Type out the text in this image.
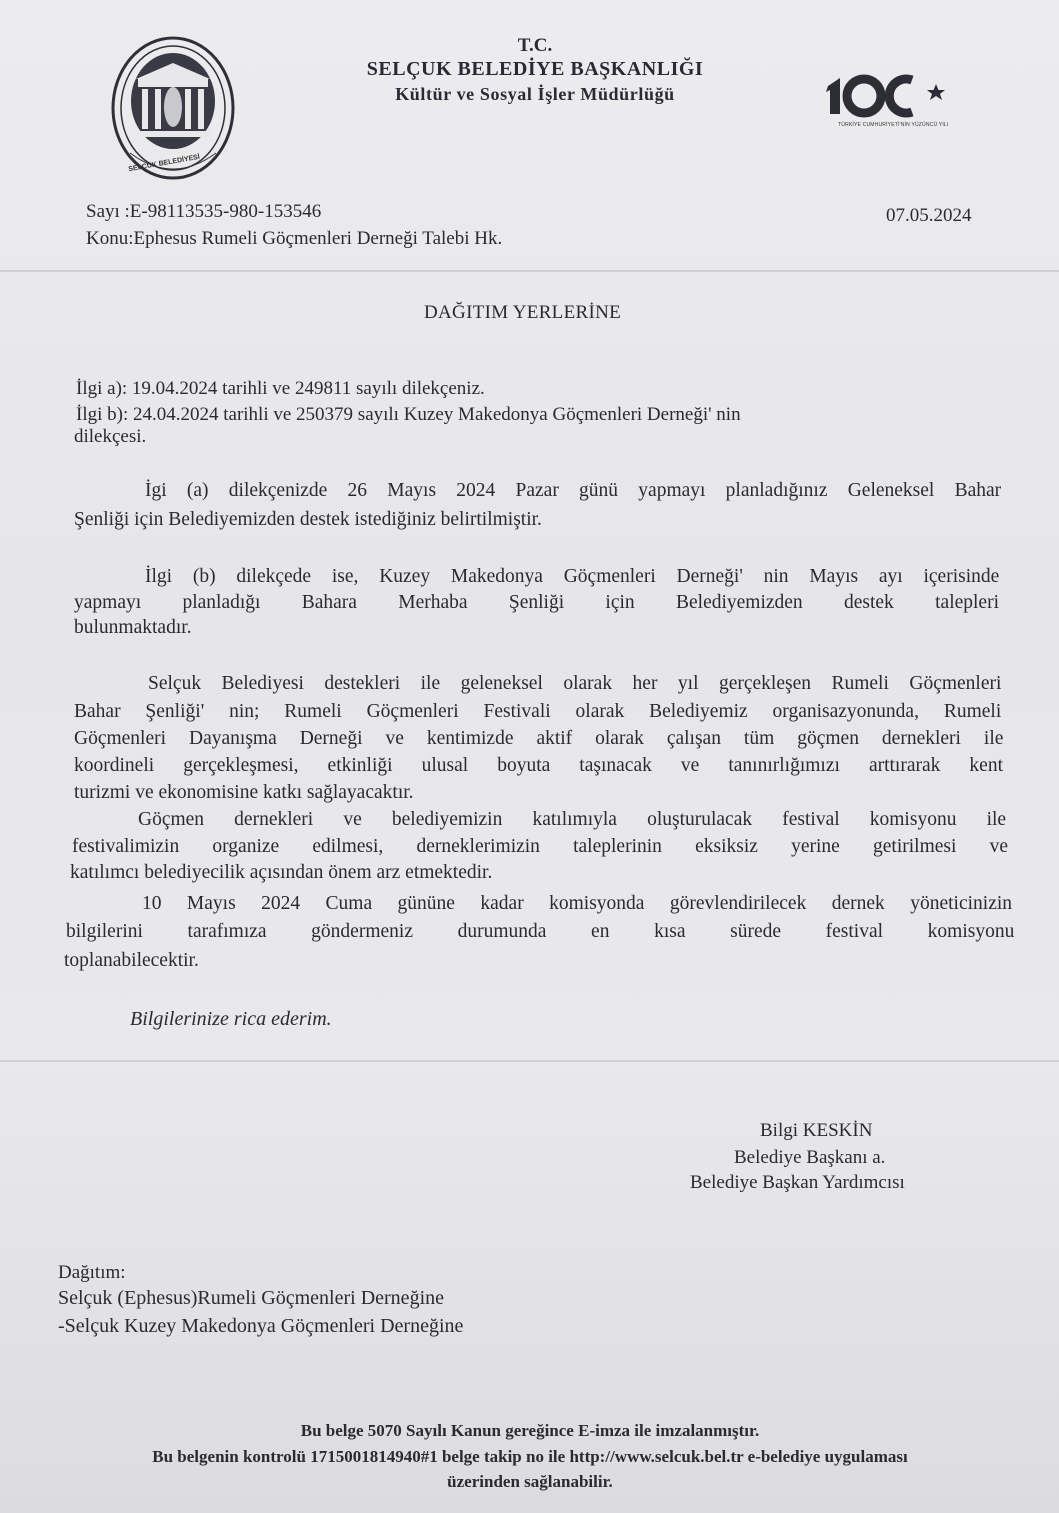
SELÇUK BELEDİYESİ
T.C.
SELÇUK BELEDİYE BAŞKANLIĞI
Kültür ve Sosyal İşler Müdürlüğü
TÜRKİYE CUMHURİYETİ'NİN YÜZÜNCÜ YILI
Sayı :E-98113535-980-153546	07.05.2024
Konu:Ephesus Rumeli Göçmenleri Derneği Talebi Hk.
DAĞITIM YERLERİNE
İlgi a): 19.04.2024 tarihli ve 249811 sayılı dilekçeniz.
İlgi b): 24.04.2024 tarihli ve 250379 sayılı Kuzey Makedonya Göçmenleri Derneği' nin
dilekçesi.
İgi (a) dilekçenizde 26 Mayıs 2024 Pazar günü yapmayı planladığınız Geleneksel Bahar
Şenliği için Belediyemizden destek istediğiniz belirtilmiştir.
İlgi (b) dilekçede ise, Kuzey Makedonya Göçmenleri Derneği' nin Mayıs ayı içerisinde
yapmayı planladığı Bahara Merhaba Şenliği için Belediyemizden destek talepleri
bulunmaktadır.
Selçuk Belediyesi destekleri ile geleneksel olarak her yıl gerçekleşen Rumeli Göçmenleri
Bahar Şenliği' nin; Rumeli Göçmenleri Festivali olarak Belediyemiz organisazyonunda, Rumeli
Göçmenleri Dayanışma Derneği ve kentimizde aktif olarak çalışan tüm göçmen dernekleri ile
koordineli gerçekleşmesi, etkinliği ulusal boyuta taşınacak ve tanınırlığımızı arttırarak kent
turizmi ve ekonomisine katkı sağlayacaktır.
Göçmen dernekleri ve belediyemizin katılımıyla oluşturulacak festival komisyonu ile
festivalimizin organize edilmesi, derneklerimizin taleplerinin eksiksiz yerine getirilmesi ve
katılımcı belediyecilik açısından önem arz etmektedir.
10 Mayıs 2024 Cuma gününe kadar komisyonda görevlendirilecek dernek yöneticinizin
bilgilerini tarafımıza göndermeniz durumunda en kısa sürede festival komisyonu
toplanabilecektir.
Bilgilerinize rica ederim.
Bilgi KESKİN
Belediye Başkanı a.
Belediye Başkan Yardımcısı
Dağıtım:
Selçuk (Ephesus)Rumeli Göçmenleri Derneğine
-Selçuk Kuzey Makedonya Göçmenleri Derneğine
Bu belge 5070 Sayılı Kanun gereğince E-imza ile imzalanmıştır.
Bu belgenin kontrolü 1715001814940#1 belge takip no ile http://www.selcuk.bel.tr e-belediye uygulaması
üzerinden sağlanabilir.
